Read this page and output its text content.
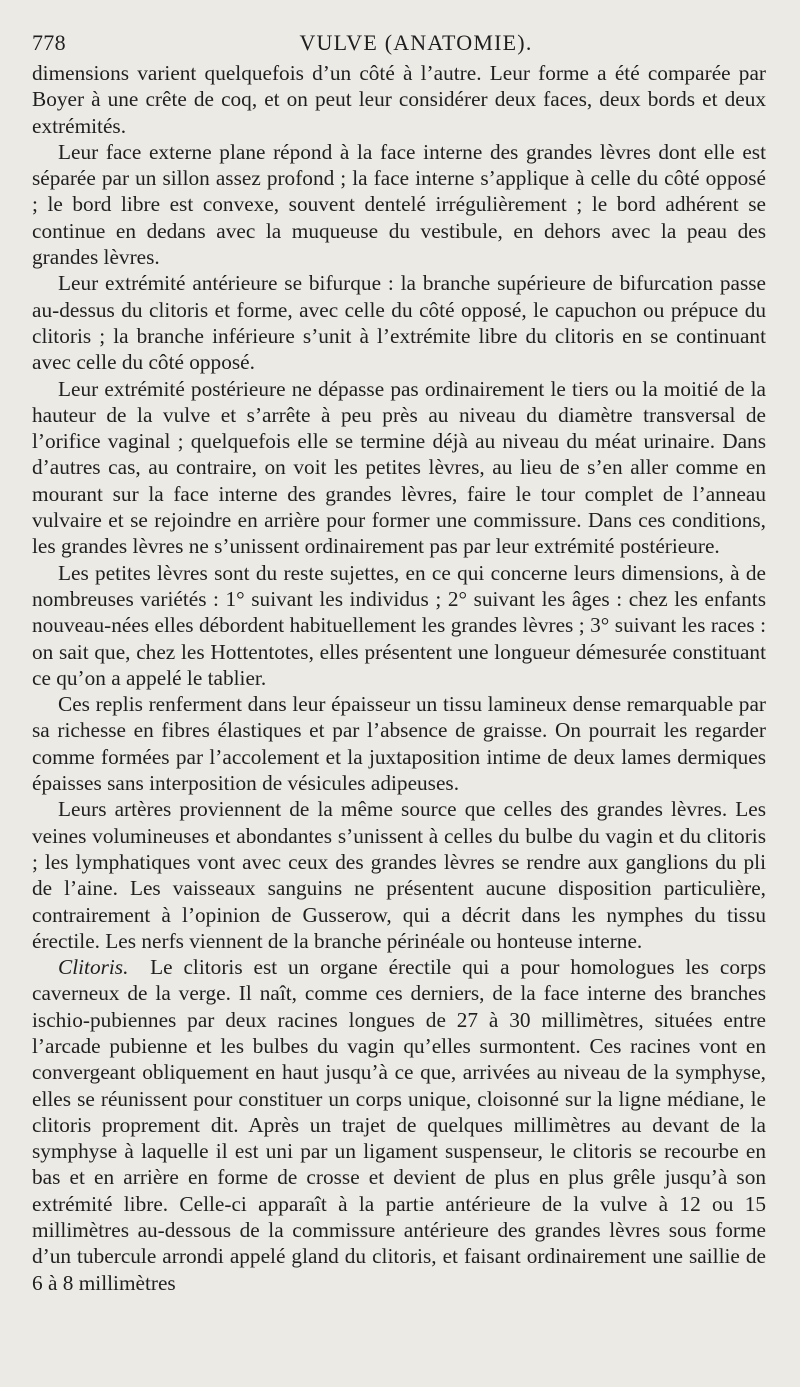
778	VULVE (ANATOMIE).

dimensions varient quelquefois d’un côté à l’autre. Leur forme a été comparée par Boyer à une crête de coq, et on peut leur considérer deux faces, deux bords et deux extrémités.

Leur face externe plane répond à la face interne des grandes lèvres dont elle est séparée par un sillon assez profond ; la face interne s’applique à celle du côté opposé ; le bord libre est convexe, souvent dentelé irrégulièrement ; le bord adhérent se continue en dedans avec la muqueuse du vestibule, en dehors avec la peau des grandes lèvres.

Leur extrémité antérieure se bifurque : la branche supérieure de bifurcation passe au-dessus du clitoris et forme, avec celle du côté opposé, le capuchon ou prépuce du clitoris ; la branche inférieure s’unit à l’extrémite libre du clitoris en se continuant avec celle du côté opposé.

Leur extrémité postérieure ne dépasse pas ordinairement le tiers ou la moitié de la hauteur de la vulve et s’arrête à peu près au niveau du diamètre transversal de l’orifice vaginal ; quelquefois elle se termine déjà au niveau du méat urinaire. Dans d’autres cas, au contraire, on voit les petites lèvres, au lieu de s’en aller comme en mourant sur la face interne des grandes lèvres, faire le tour complet de l’anneau vulvaire et se rejoindre en arrière pour former une commissure. Dans ces conditions, les grandes lèvres ne s’unissent ordinairement pas par leur extrémité postérieure.

Les petites lèvres sont du reste sujettes, en ce qui concerne leurs dimensions, à de nombreuses variétés : 1° suivant les individus ; 2° suivant les âges : chez les enfants nouveau-nées elles débordent habituellement les grandes lèvres ; 3° suivant les races : on sait que, chez les Hottentotes, elles présentent une longueur démesurée constituant ce qu’on a appelé le tablier.

Ces replis renferment dans leur épaisseur un tissu lamineux dense remarquable par sa richesse en fibres élastiques et par l’absence de graisse. On pourrait les regarder comme formées par l’accolement et la juxtaposition intime de deux lames dermiques épaisses sans interposition de vésicules adipeuses.

Leurs artères proviennent de la même source que celles des grandes lèvres. Les veines volumineuses et abondantes s’unissent à celles du bulbe du vagin et du clitoris ; les lymphatiques vont avec ceux des grandes lèvres se rendre aux ganglions du pli de l’aine. Les vaisseaux sanguins ne présentent aucune disposition particulière, contrairement à l’opinion de Gusserow, qui a décrit dans les nymphes du tissu érectile. Les nerfs viennent de la branche périnéale ou honteuse interne.

Clitoris. Le clitoris est un organe érectile qui a pour homologues les corps caverneux de la verge. Il naît, comme ces derniers, de la face interne des branches ischio-pubiennes par deux racines longues de 27 à 30 millimètres, situées entre l’arcade pubienne et les bulbes du vagin qu’elles surmontent. Ces racines vont en convergeant obliquement en haut jusqu’à ce que, arrivées au niveau de la symphyse, elles se réunissent pour constituer un corps unique, cloisonné sur la ligne médiane, le clitoris proprement dit. Après un trajet de quelques millimètres au devant de la symphyse à laquelle il est uni par un ligament suspenseur, le clitoris se recourbe en bas et en arrière en forme de crosse et devient de plus en plus grêle jusqu’à son extrémité libre. Celle-ci apparaît à la partie antérieure de la vulve à 12 ou 15 millimètres au-dessous de la commissure antérieure des grandes lèvres sous forme d’un tubercule arrondi appelé gland du clitoris, et faisant ordinairement une saillie de 6 à 8 millimètres
